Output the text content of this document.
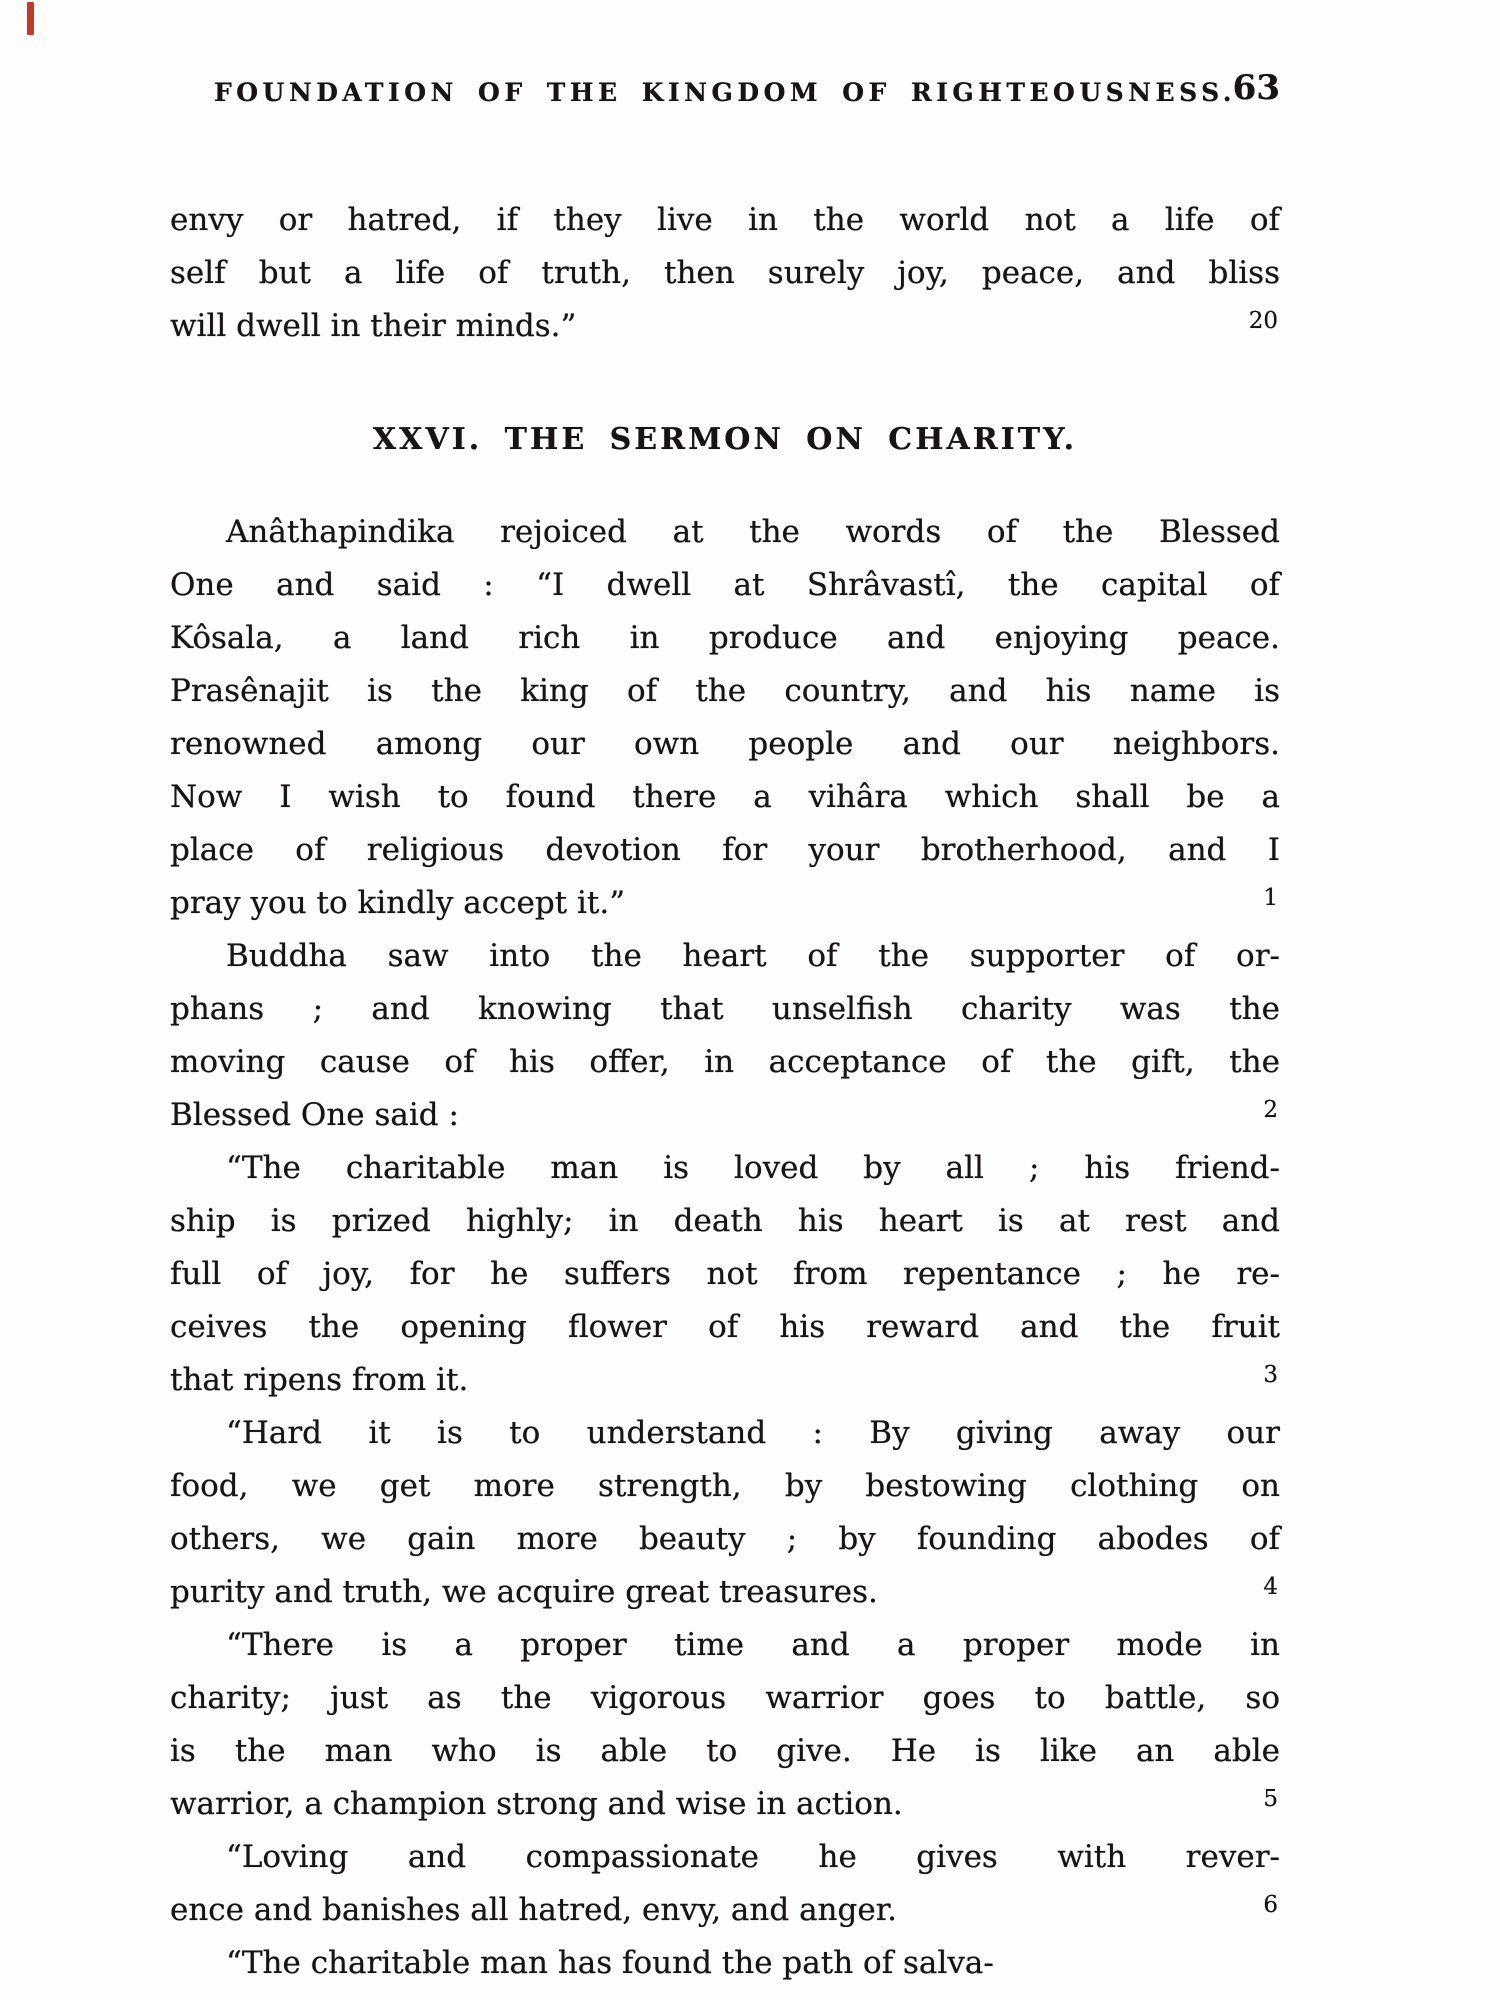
FOUNDATION OF THE KINGDOM OF RIGHTEOUSNESS.
63
envy or hatred, if they live in the world not a life of
self but a life of truth, then surely joy, peace, and bliss
will dwell in their minds.”	20
XXVI. THE SERMON ON CHARITY.
Anâthapindika rejoiced at the words of the Blessed
One and said : “I dwell at Shrâvastî, the capital of
Kôsala, a land rich in produce and enjoying peace.
Prasênajit is the king of the country, and his name is
renowned among our own people and our neighbors.
Now I wish to found there a vihâra which shall be a
place of religious devotion for your brotherhood, and I
pray you to kindly accept it.”	1
Buddha saw into the heart of the supporter of or-
phans ; and knowing that unselfish charity was the
moving cause of his offer, in acceptance of the gift, the
Blessed One said :	2
“The charitable man is loved by all ; his friend-
ship is prized highly; in death his heart is at rest and
full of joy, for he suffers not from repentance ; he re-
ceives the opening flower of his reward and the fruit
that ripens from it.	3
“Hard it is to understand : By giving away our
food, we get more strength, by bestowing clothing on
others, we gain more beauty ; by founding abodes of
purity and truth, we acquire great treasures.	4
“There is a proper time and a proper mode in
charity; just as the vigorous warrior goes to battle, so
is the man who is able to give. He is like an able
warrior, a champion strong and wise in action.	5
“Loving and compassionate he gives with rever-
ence and banishes all hatred, envy, and anger.	6
“The charitable man has found the path of salva-
